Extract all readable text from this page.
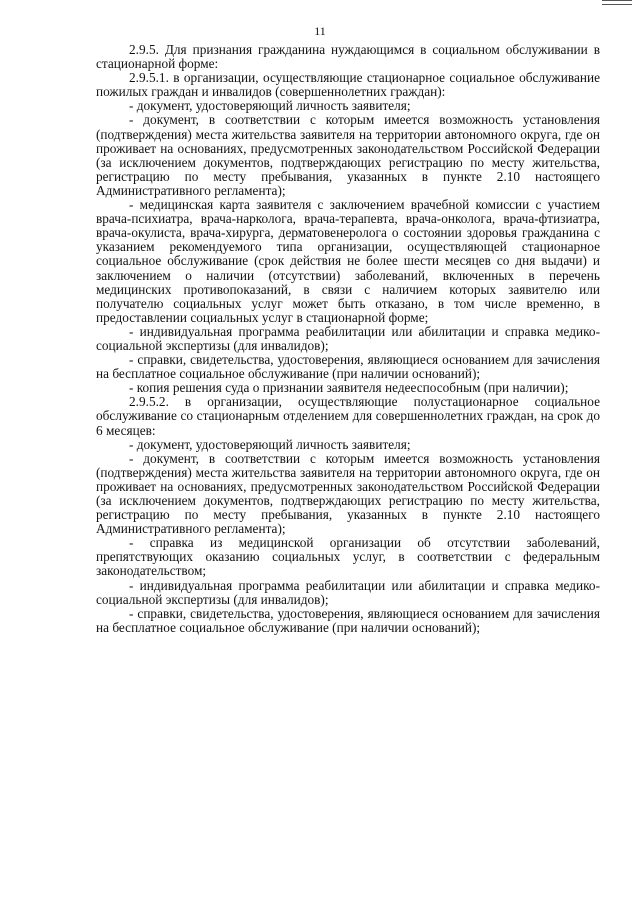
11

2.9.5. Для признания гражданина нуждающимся в социальном обслуживании в стационарной форме:

2.9.5.1. в организации, осуществляющие стационарное социальное обслуживание пожилых граждан и инвалидов (совершеннолетних граждан):

- документ, удостоверяющий личность заявителя;

- документ, в соответствии с которым имеется возможность установления (подтверждения) места жительства заявителя на территории автономного округа, где он проживает на основаниях, предусмотренных законодательством Российской Федерации (за исключением документов, подтверждающих регистрацию по месту жительства, регистрацию по месту пребывания, указанных в пункте 2.10 настоящего Административного регламента);

- медицинская карта заявителя с заключением врачебной комиссии с участием врача-психиатра, врача-нарколога, врача-терапевта, врача-онколога, врача-фтизиатра, врача-окулиста, врача-хирурга, дерматовенеролога о состоянии здоровья гражданина с указанием рекомендуемого типа организации, осуществляющей стационарное социальное обслуживание (срок действия не более шести месяцев со дня выдачи) и заключением о наличии (отсутствии) заболеваний, включенных в перечень медицинских противопоказаний, в связи с наличием которых заявителю или получателю социальных услуг может быть отказано, в том числе временно, в предоставлении социальных услуг в стационарной форме;

- индивидуальная программа реабилитации или абилитации и справка медико-социальной экспертизы (для инвалидов);

- справки, свидетельства, удостоверения, являющиеся основанием для зачисления на бесплатное социальное обслуживание (при наличии оснований);

- копия решения суда о признании заявителя недееспособным (при наличии);

2.9.5.2. в организации, осуществляющие полустационарное социальное обслуживание со стационарным отделением для совершеннолетних граждан, на срок до 6 месяцев:

- документ, удостоверяющий личность заявителя;

- документ, в соответствии с которым имеется возможность установления (подтверждения) места жительства заявителя на территории автономного округа, где он проживает на основаниях, предусмотренных законодательством Российской Федерации (за исключением документов, подтверждающих регистрацию по месту жительства, регистрацию по месту пребывания, указанных в пункте 2.10 настоящего Административного регламента);

- справка из медицинской организации об отсутствии заболеваний, препятствующих оказанию социальных услуг, в соответствии с федеральным законодательством;

- индивидуальная программа реабилитации или абилитации и справка медико-социальной экспертизы (для инвалидов);

- справки, свидетельства, удостоверения, являющиеся основанием для зачисления на бесплатное социальное обслуживание (при наличии оснований);
